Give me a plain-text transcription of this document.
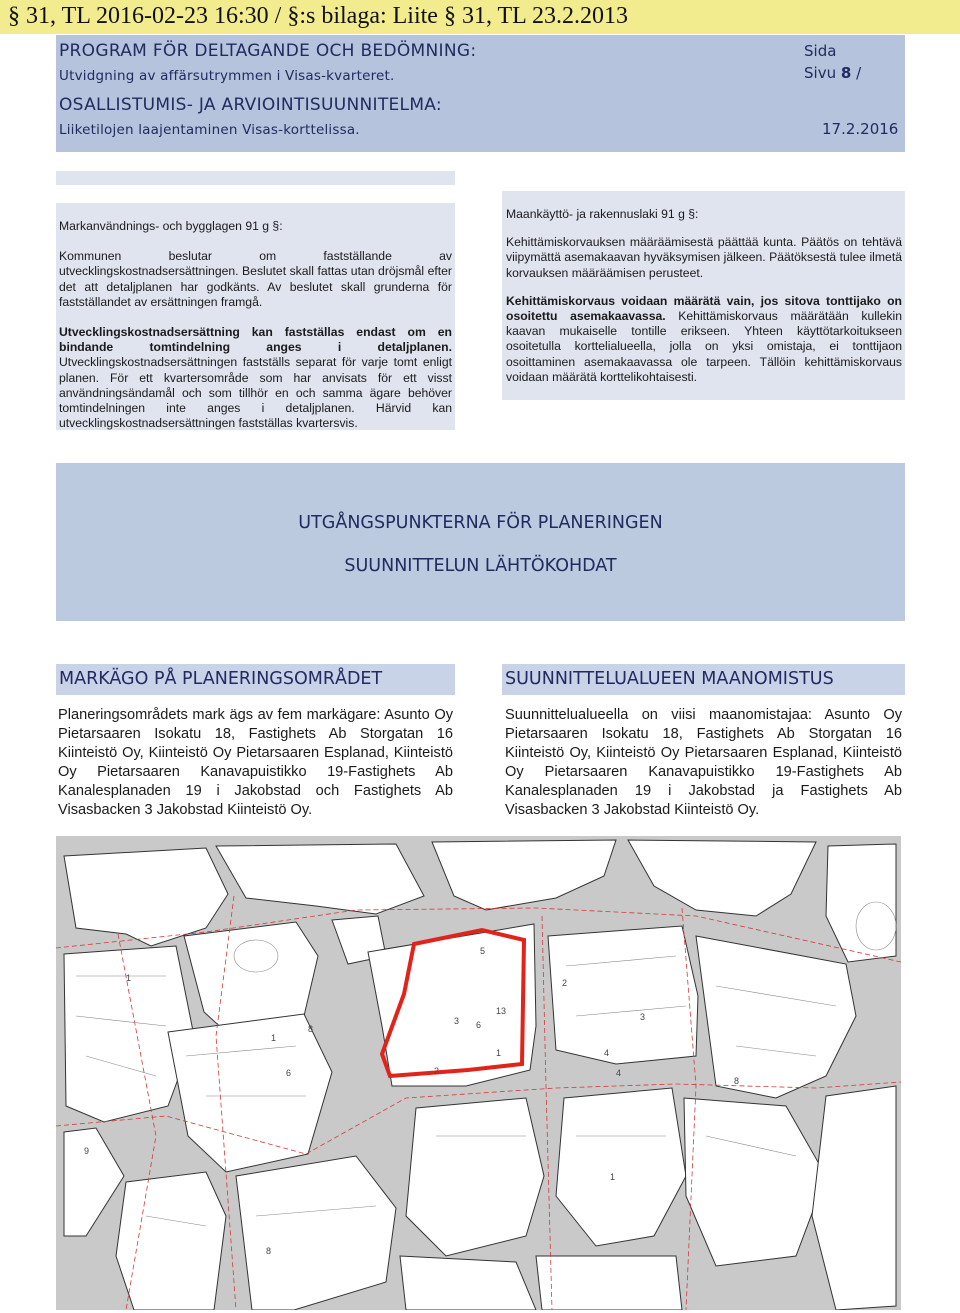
§ 31, TL 2016-02-23 16:30 / §:s bilaga: Liite § 31, TL 23.2.2013
PROGRAM FÖR DELTAGANDE OCH BEDÖMNING:
Utvidgning av affärsutrymmen i Visas-kvarteret.
OSALLISTUMIS- JA ARVIOINTISUUNNITELMA:
Liiketilojen laajentaminen Visas-korttelissa.
Sida
Sivu 8 /
17.2.2016

Markanvändnings- och bygglagen 91 g §:

Kommunen beslutar om fastställande av utvecklingskostnadsersättningen. Beslutet skall fattas utan dröjsmål efter det att detaljplanen har godkänts. Av beslutet skall grunderna för fastställandet av ersättningen framgå.

Utvecklingskostnadsersättning kan fastställas endast om en bindande tomtindelning anges i detaljplanen. Utvecklingskostnadsersättningen fastställs separat för varje tomt enligt planen. För ett kvartersområde som har anvisats för ett visst användningsändamål och som tillhör en och samma ägare behöver tomtindelningen inte anges i detaljplanen. Härvid kan utvecklingskostnadsersättningen fastställas kvartersvis.

Maankäyttö- ja rakennuslaki 91 g §:

Kehittämiskorvauksen määräämisestä päättää kunta. Päätös on tehtävä viipymättä asemakaavan hyväksymisen jälkeen. Päätöksestä tulee ilmetä korvauksen määräämisen perusteet.

Kehittämiskorvaus voidaan määrätä vain, jos sitova tonttijako on osoitettu asemakaavassa. Kehittämiskorvaus määrätään kullekin kaavan mukaiselle tontille erikseen. Yhteen käyttötarkoitukseen osoitetulla korttelialueella, jolla on yksi omistaja, ei tonttijaon osoittaminen asemakaavassa ole tarpeen. Tällöin kehittämiskorvaus voidaan määrätä korttelikohtaisesti.

UTGÅNGSPUNKTERNA FÖR PLANERINGEN
SUUNNITTELUN LÄHTÖKOHDAT
MARKÄGO PÅ PLANERINGSOMRÅDET	SUUNNITTELUALUEEN MAANOMISTUS
Planeringsområdets mark ägs av fem markägare: Asunto Oy Pietarsaaren Isokatu 18, Fastighets Ab Storgatan 16 Kiinteistö Oy, Kiinteistö Oy Pietarsaaren Esplanad, Kiinteistö Oy Pietarsaaren Kanavapuistikko 19-Fastighets Ab Kanalesplanaden 19 i Jakobstad och Fastighets Ab Visasbacken 3 Jakobstad Kiinteistö Oy.
Suunnittelualueella on viisi maanomistajaa: Asunto Oy Pietarsaaren Isokatu 18, Fastighets Ab Storgatan 16 Kiinteistö Oy, Kiinteistö Oy Pietarsaaren Esplanad, Kiinteistö Oy Pietarsaaren Kanavapuistikko 19-Fastighets Ab Kanalesplanaden 19 i Jakobstad ja Fastighets Ab Visasbacken 3 Jakobstad Kiinteistö Oy.
1
1
2
3 6
6
8
8
9
13
4
4
1
2
3
5
1
8
